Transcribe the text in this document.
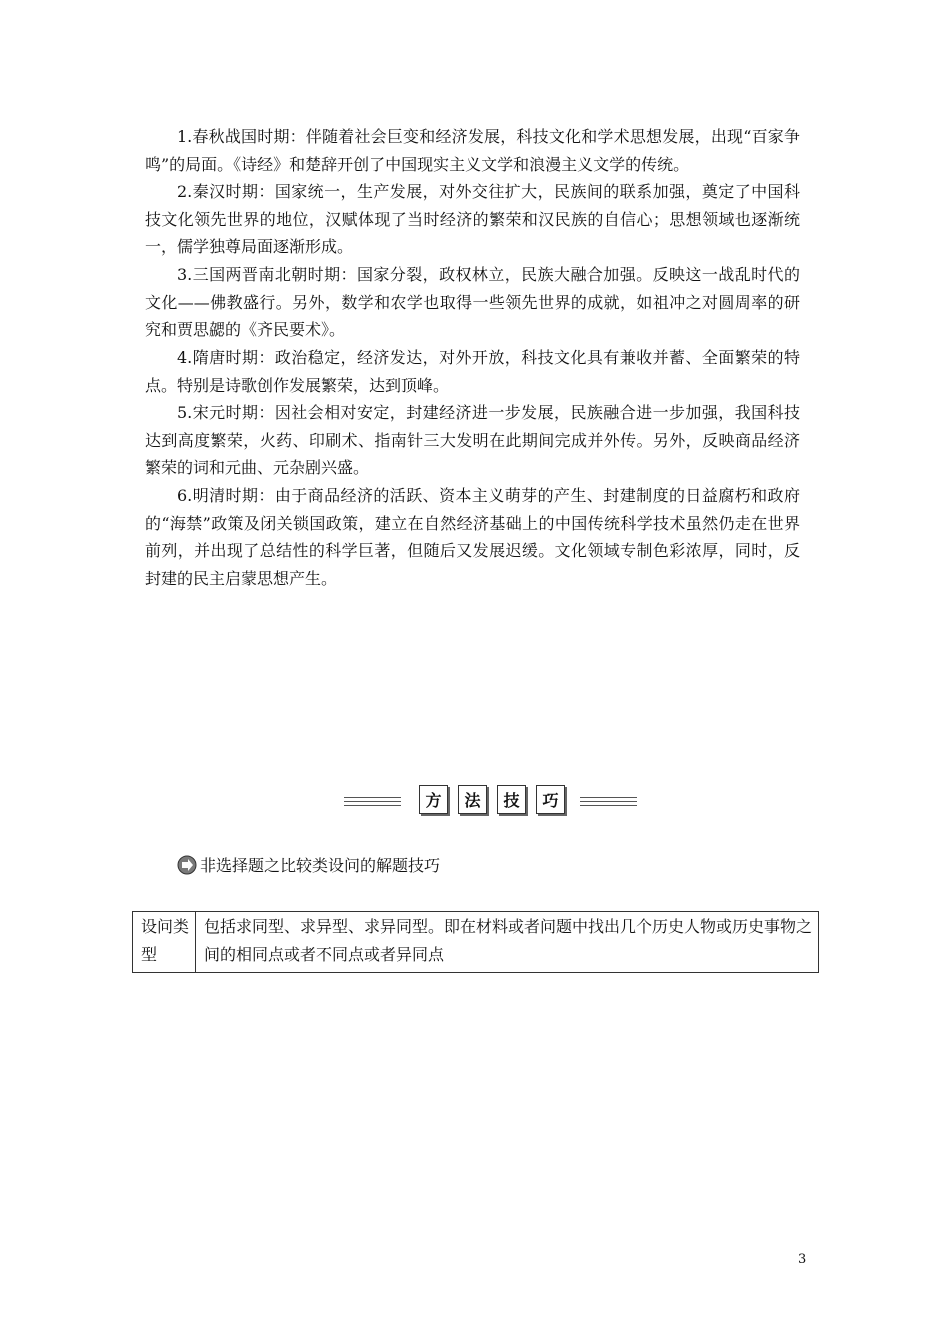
1.春秋战国时期：伴随着社会巨变和经济发展，科技文化和学术思想发展，出现“百家争鸣”的局面。《诗经》和楚辞开创了中国现实主义文学和浪漫主义文学的传统。

2.秦汉时期：国家统一，生产发展，对外交往扩大，民族间的联系加强，奠定了中国科技文化领先世界的地位，汉赋体现了当时经济的繁荣和汉民族的自信心；思想领域也逐渐统一，儒学独尊局面逐渐形成。

3.三国两晋南北朝时期：国家分裂，政权林立，民族大融合加强。反映这一战乱时代的文化——佛教盛行。另外，数学和农学也取得一些领先世界的成就，如祖冲之对圆周率的研究和贾思勰的《齐民要术》。

4.隋唐时期：政治稳定，经济发达，对外开放，科技文化具有兼收并蓄、全面繁荣的特点。特别是诗歌创作发展繁荣，达到顶峰。

5.宋元时期：因社会相对安定，封建经济进一步发展，民族融合进一步加强，我国科技达到高度繁荣，火药、印刷术、指南针三大发明在此期间完成并外传。另外，反映商品经济繁荣的词和元曲、元杂剧兴盛。

6.明清时期：由于商品经济的活跃、资本主义萌芽的产生、封建制度的日益腐朽和政府的“海禁”政策及闭关锁国政策，建立在自然经济基础上的中国传统科学技术虽然仍走在世界前列，并出现了总结性的科学巨著，但随后又发展迟缓。文化领域专制色彩浓厚，同时，反封建的民主启蒙思想产生。

方	法	技	巧
非选择题之比较类设问的解题技巧
设问类型	包括求同型、求异型、求异同型。即在材料或者问题中找出几个历史人物或历史事物之间的相同点或者不同点或者异同点
3
